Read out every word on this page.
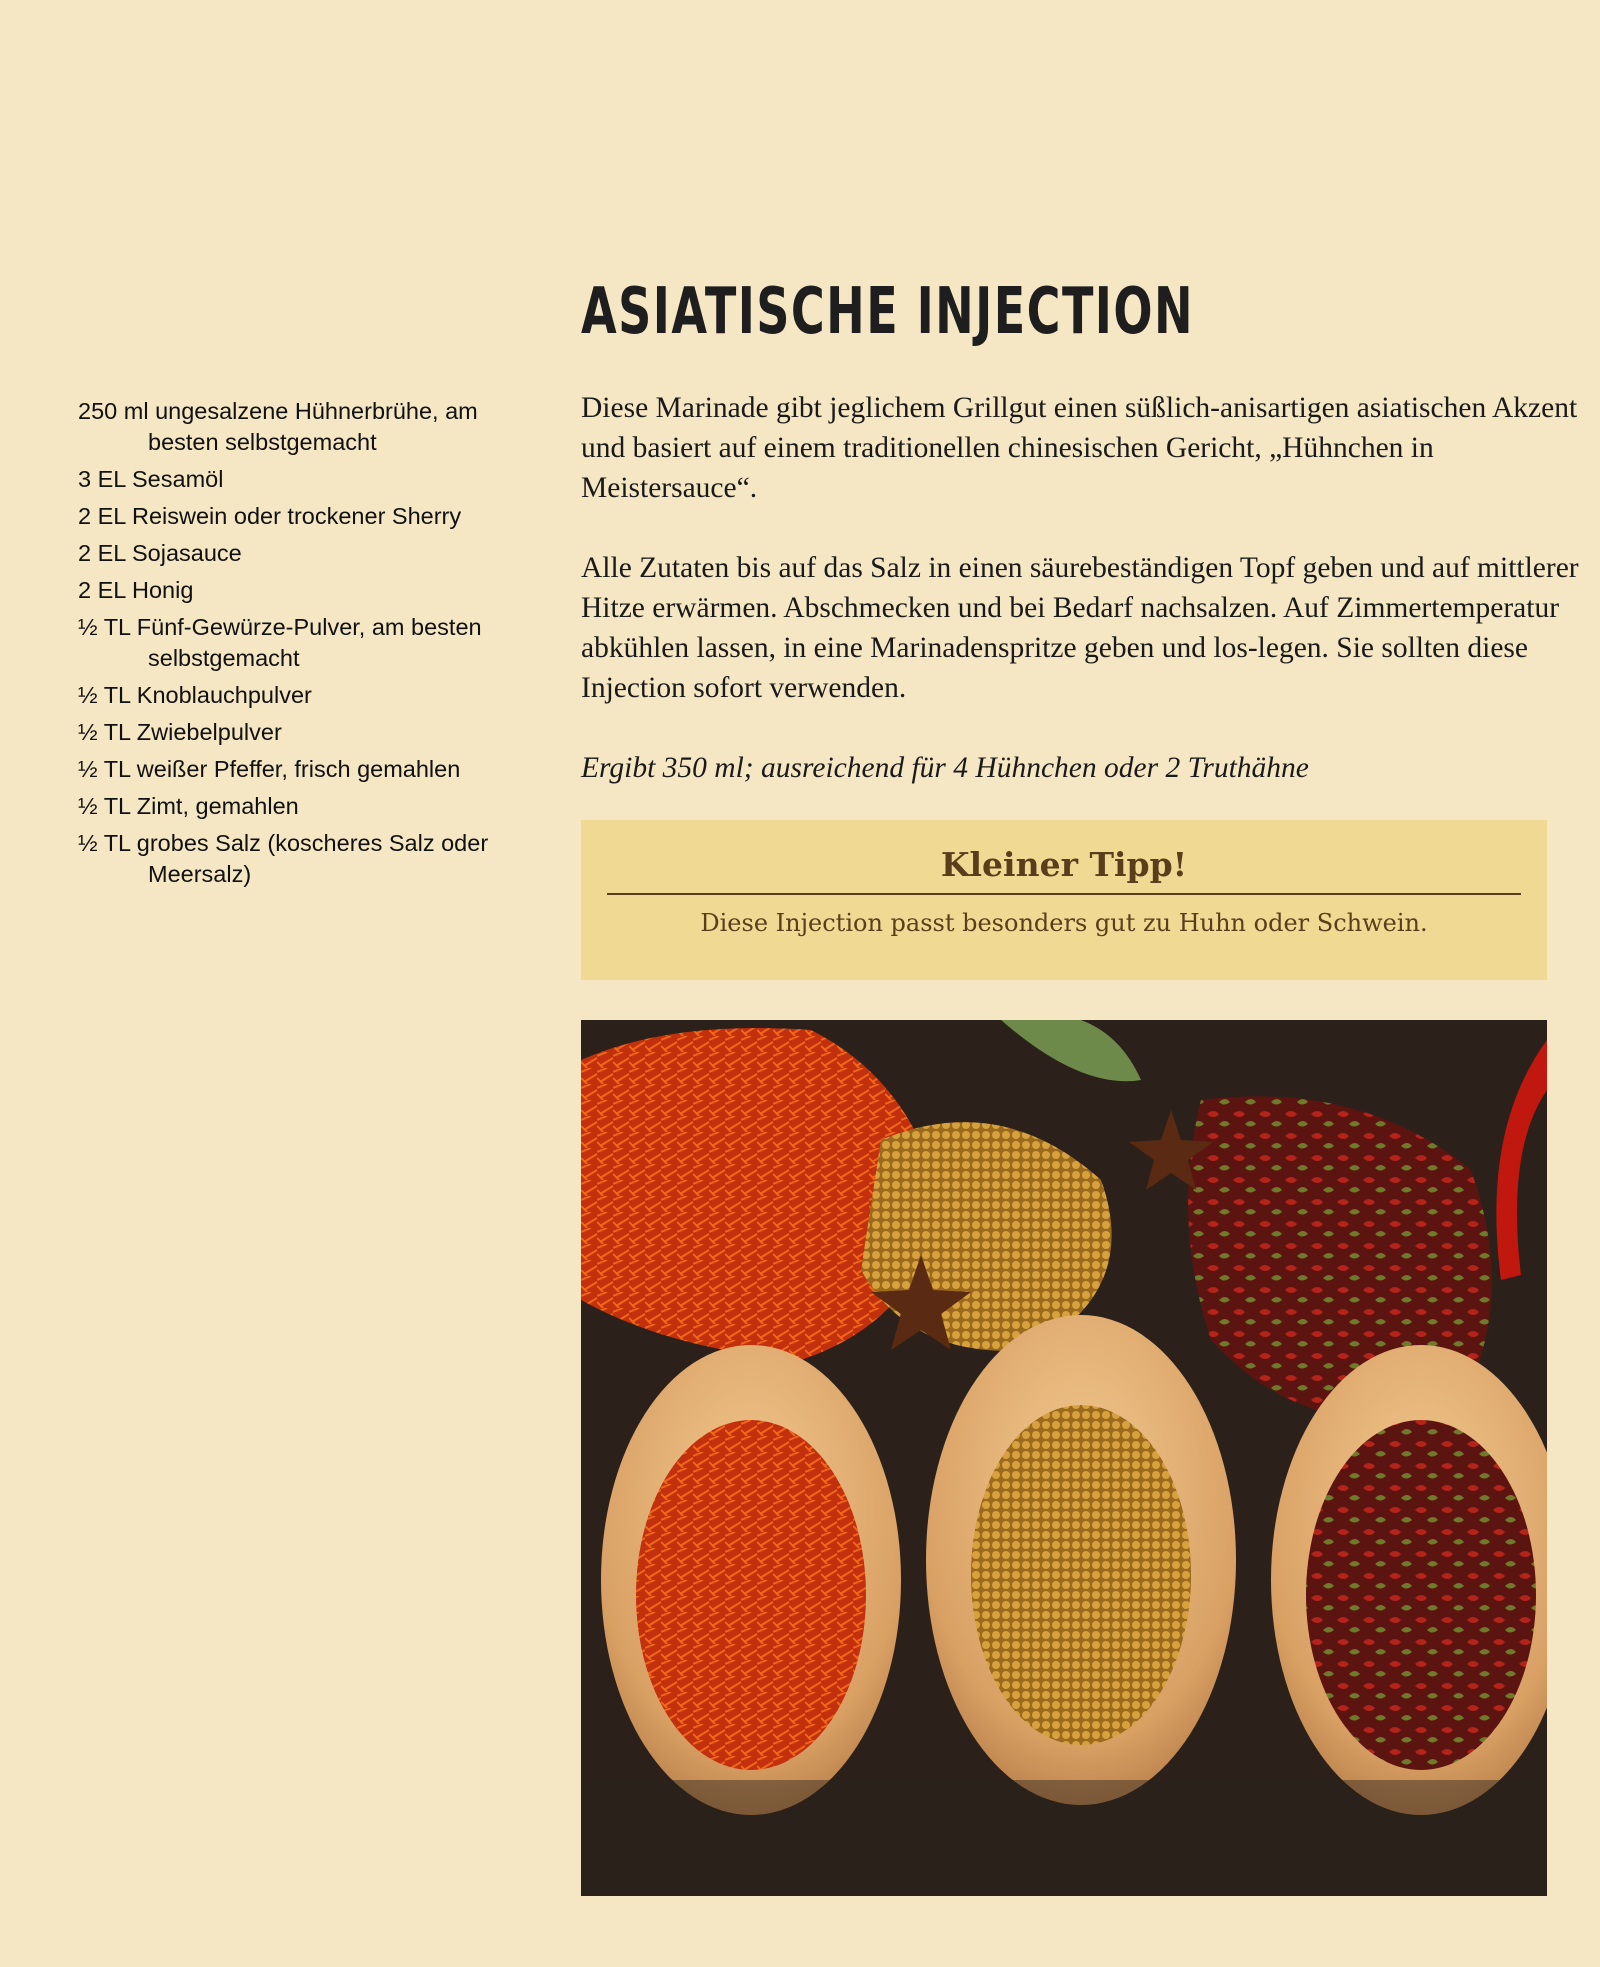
ASIATISCHE INJECTION
250 ml ungesalzene Hühnerbrühe, am besten selbstgemacht
3 EL Sesamöl
2 EL Reiswein oder trockener Sherry
2 EL Sojasauce
2 EL Honig
½ TL Fünf-Gewürze-Pulver, am besten selbstgemacht
½ TL Knoblauchpulver
½ TL Zwiebelpulver
½ TL weißer Pfeffer, frisch gemahlen
½ TL Zimt, gemahlen
½ TL grobes Salz (koscheres Salz oder Meersalz)

Diese Marinade gibt jeglichem Grillgut einen süßlich-anisartigen asiatischen Akzent und basiert auf einem traditionellen chinesischen Gericht, „Hühnchen in Meistersauce“.

Alle Zutaten bis auf das Salz in einen säurebeständigen Topf geben und auf mittlerer Hitze erwärmen. Abschmecken und bei Bedarf nachsalzen. Auf Zimmertemperatur abkühlen lassen, in eine Marinadenspritze geben und los-legen. Sie sollten diese Injection sofort verwenden.

Ergibt 350 ml; ausreichend für 4 Hühnchen oder 2 Truthähne

Kleiner Tipp!

Diese Injection passt besonders gut zu Huhn oder Schwein.
